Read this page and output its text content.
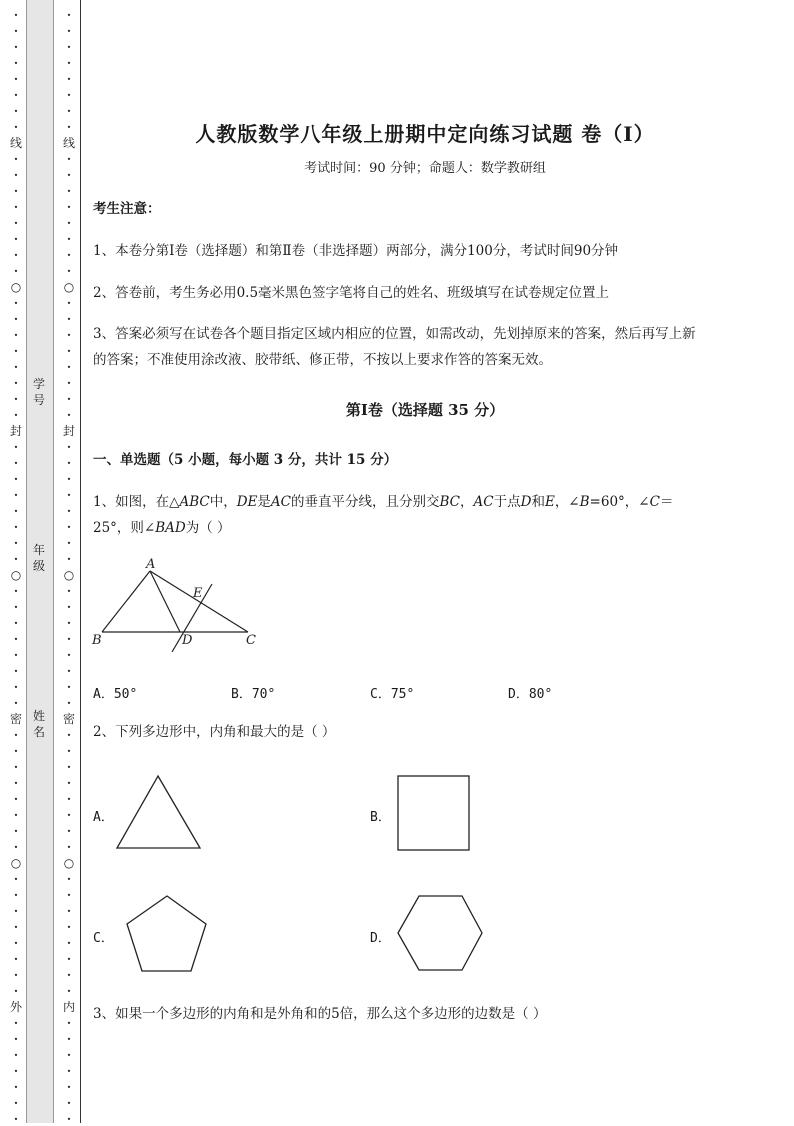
·
·
·
·
·
·
·
·
线
·
·
·
·
·
·
·
·
○
·
·
·
·
·
·
·
·
封
·
·
·
·
·
·
·
·
○
·
·
·
·
·
·
·
·
密
·
·
·
·
·
·
·
·
○
·
·
·
·
·
·
·
·
外
·
·
·
·
·
·
·
·
·
·
·
·
·
·
·
线
·
·
·
·
·
·
·
·
○
·
·
·
·
·
·
·
·
封
·
·
·
·
·
·
·
·
○
·
·
·
·
·
·
·
·
密
·
·
·
·
·
·
·
·
○
·
·
·
·
·
·
·
·
内
·
·
·
·
·
·
·
学号
年级
姓名
人教版数学八年级上册期中定向练习试题 卷（Ⅰ）
考试时间：90 分钟；命题人：数学教研组
考生注意：
1、本卷分第Ⅰ卷（选择题）和第Ⅱ卷（非选择题）两部分，满分100分，考试时间90分钟
2、答卷前，考生务必用0.5毫米黑色签字笔将自己的姓名、班级填写在试卷规定位置上
3、答案必须写在试卷各个题目指定区域内相应的位置，如需改动，先划掉原来的答案，然后再写上新
的答案；不准使用涂改液、胶带纸、修正带，不按以上要求作答的答案无效。
第Ⅰ卷（选择题 35 分）
一、单选题（5 小题，每小题 3 分，共计 15 分）
1、如图，在△ABC中，DE是AC的垂直平分线，且分别交BC，AC于点D和E，∠B=60°，∠C＝
25°，则∠BAD为（ ）
A
B	C
D
E
A．50°	B．70°	C．75°	D．80°
2、下列多边形中，内角和最大的是（ ）
A．	B．
C．	D．
3、如果一个多边形的内角和是外角和的5倍，那么这个多边形的边数是（ ）
